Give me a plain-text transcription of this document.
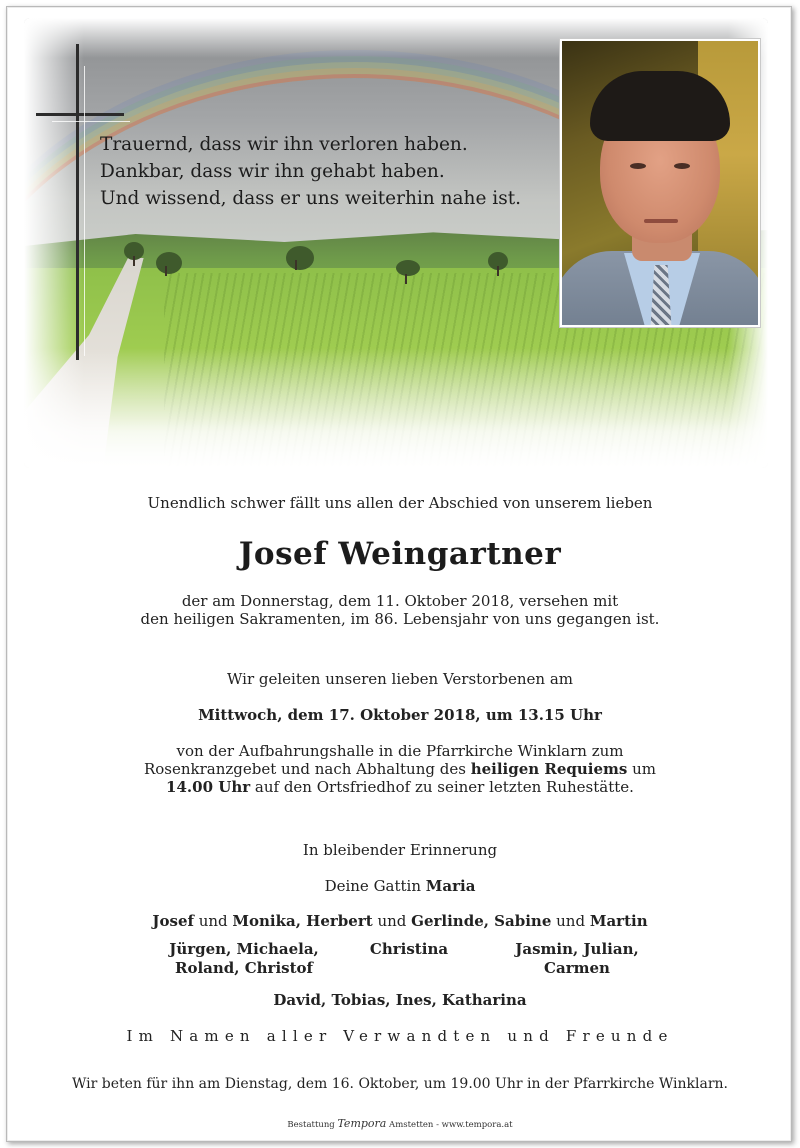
Trauernd, dass wir ihn verloren haben.
Dankbar, dass wir ihn gehabt haben.
Und wissend, dass er uns weiterhin nahe ist.
Unendlich schwer fällt uns allen der Abschied von unserem lieben
Josef Weingartner
der am Donnerstag, dem 11. Oktober 2018, versehen mit
den heiligen Sakramenten, im 86. Lebensjahr von uns gegangen ist.
Wir geleiten unseren lieben Verstorbenen am
Mittwoch, dem 17. Oktober 2018, um 13.15 Uhr
von der Aufbahrungshalle in die Pfarrkirche Winklarn zum
Rosenkranzgebet und nach Abhaltung des heiligen Requiems um
14.00 Uhr auf den Ortsfriedhof zu seiner letzten Ruhestätte.
In bleibender Erinnerung
Deine Gattin Maria
Josef und Monika, Herbert und Gerlinde, Sabine und Martin
Jürgen, Michaela,
Roland, Christof
Christina	Jasmin, Julian,
Carmen
David, Tobias, Ines, Katharina
Im Namen aller Verwandten und Freunde
Wir beten für ihn am Dienstag, dem 16. Oktober, um 19.00 Uhr in der Pfarrkirche Winklarn.
Bestattung Tempora Amstetten - www.tempora.at
